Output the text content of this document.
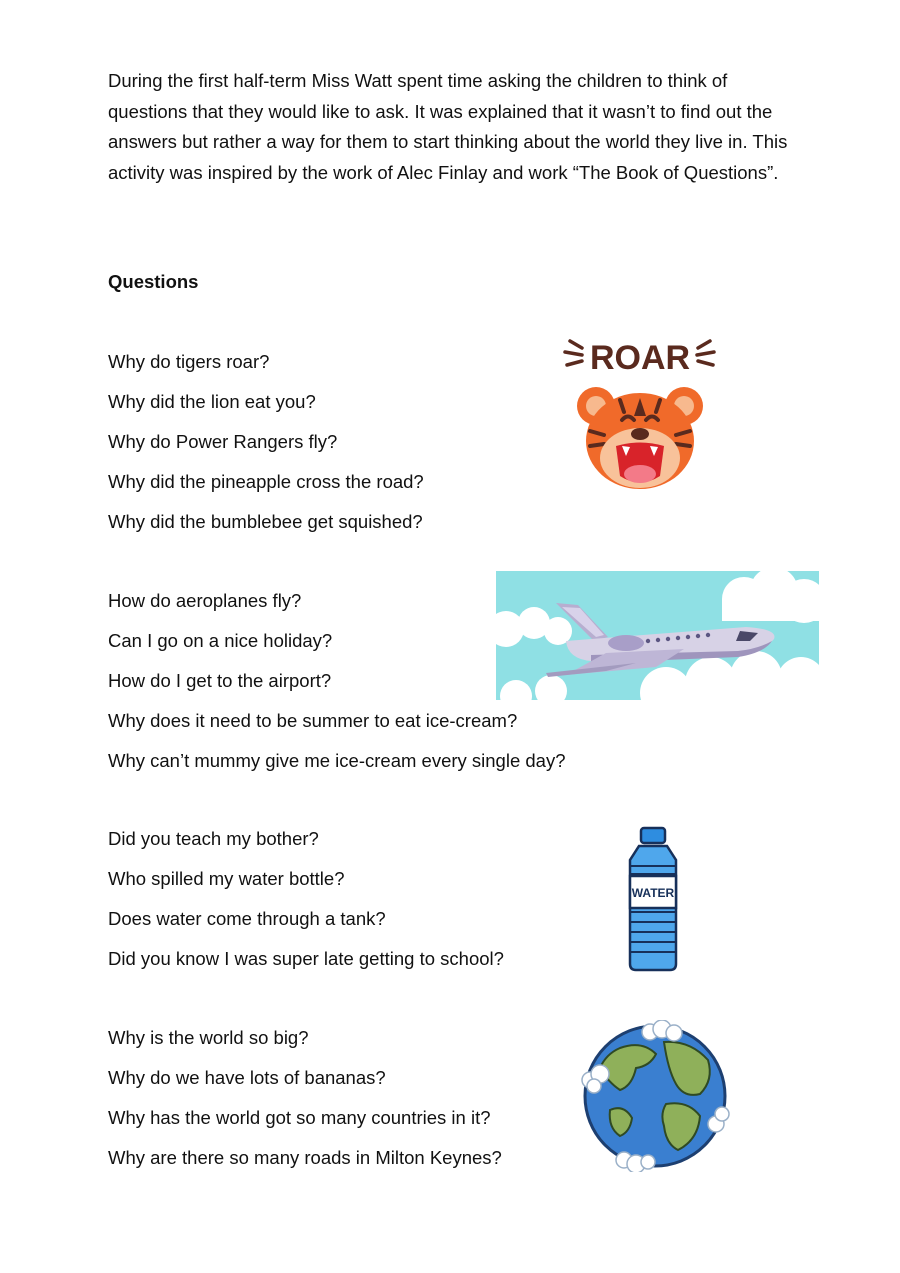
During the first half-term Miss Watt spent time asking the children to think of questions that they would like to ask. It was explained that it wasn’t to find out the answers but rather a way for them to start thinking about the world they live in. This activity was inspired by the work of Alec Finlay and work “The Book of Questions”.

Questions
Why do tigers roar?
Why did the lion eat you?
Why do Power Rangers fly?
Why did the pineapple cross the road?
Why did the bumblebee get squished?
How do aeroplanes fly?
Can I go on a nice holiday?
How do I get to the airport?
Why does it need to be summer to eat ice-cream?
Why can’t mummy give me ice-cream every single day?
Did you teach my bother?
Who spilled my water bottle?
Does water come through a tank?
Did you know I was super late getting to school?
Why is the world so big?
Why do we have lots of bananas?
Why has the world got so many countries in it?
Why are there so many roads in Milton Keynes?
ROAR
WATER
